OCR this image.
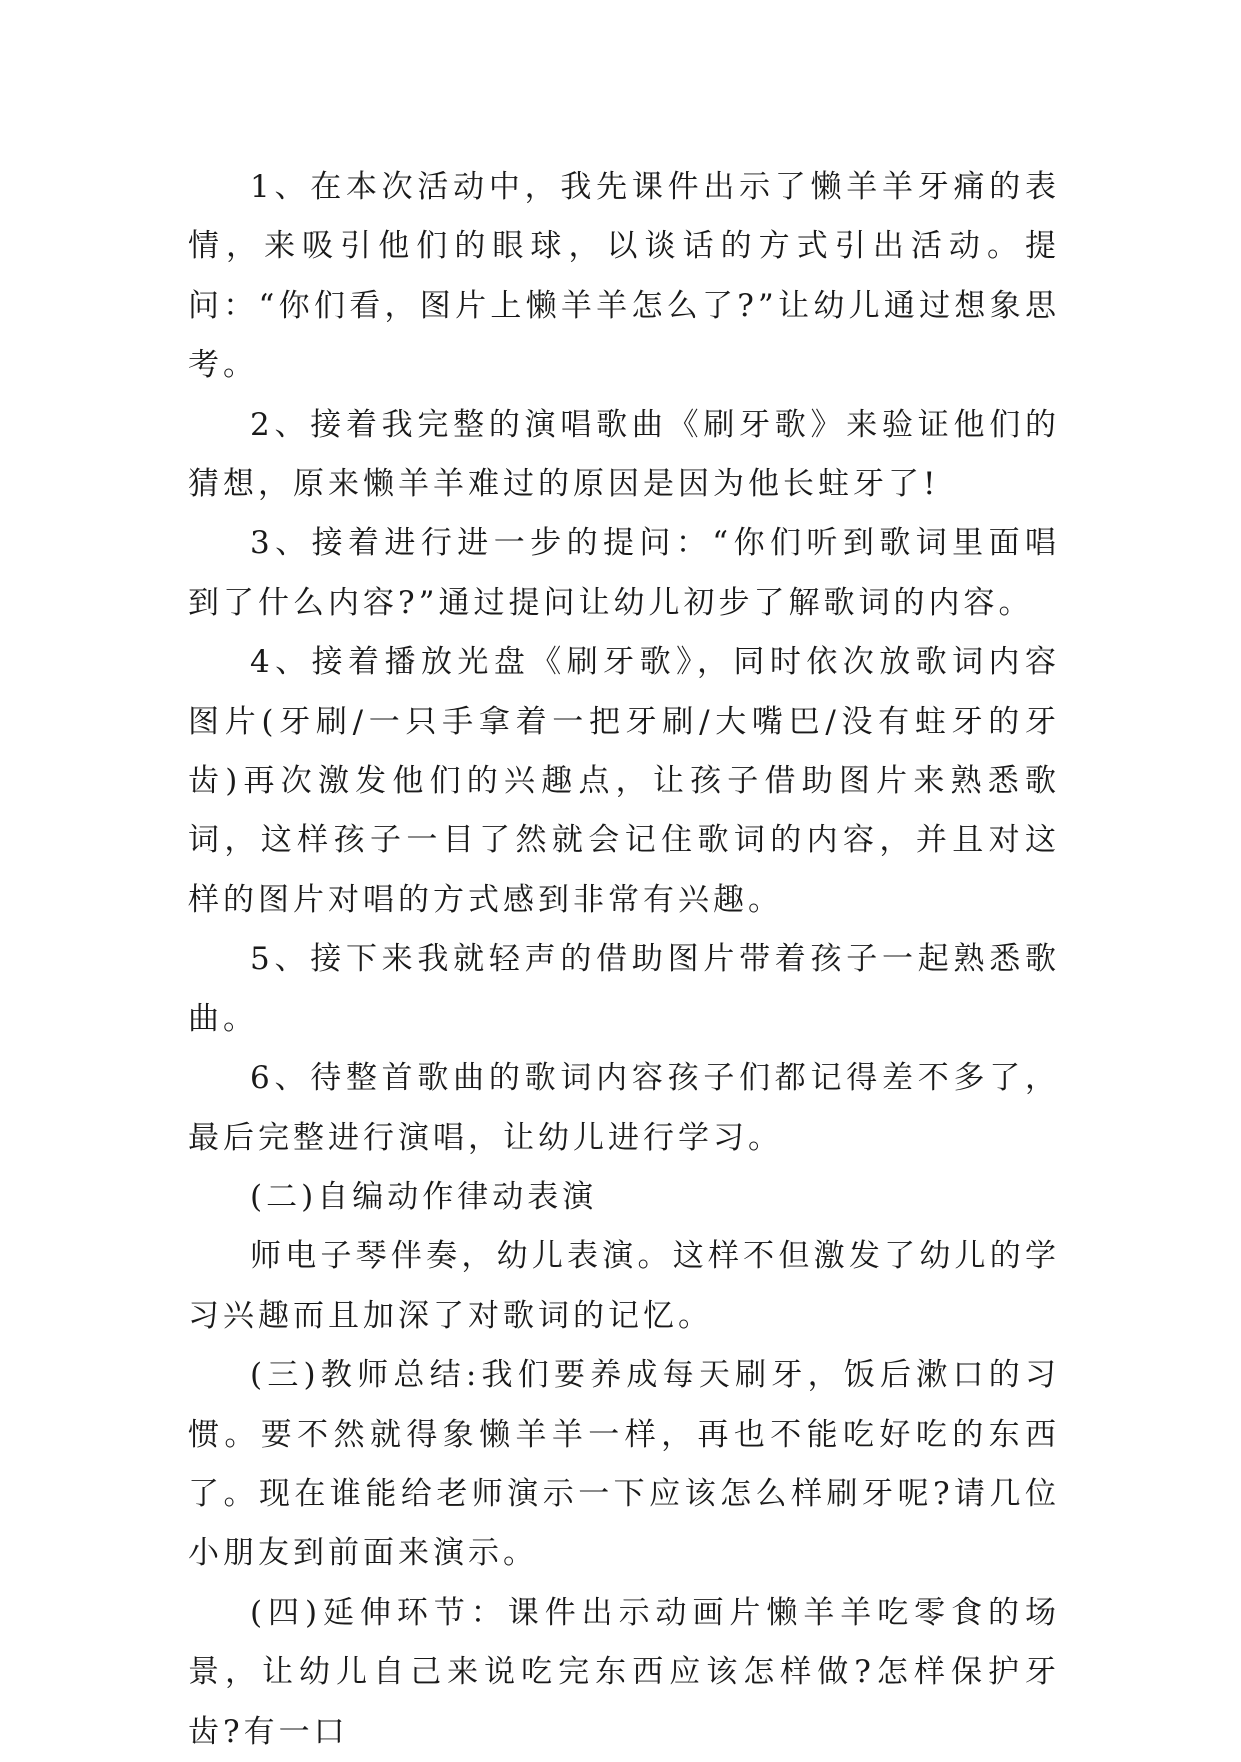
1、在本次活动中，我先课件出示了懒羊羊牙痛的表情，来吸引他们的眼球，以谈话的方式引出活动。提问：“你们看，图片上懒羊羊怎么了?”让幼儿通过想象思考。

2、接着我完整的演唱歌曲《刷牙歌》来验证他们的猜想，原来懒羊羊难过的原因是因为他长蛀牙了!

3、接着进行进一步的提问：“你们听到歌词里面唱到了什么内容?”通过提问让幼儿初步了解歌词的内容。

4、接着播放光盘《刷牙歌》，同时依次放歌词内容图片(牙刷/一只手拿着一把牙刷/大嘴巴/没有蛀牙的牙齿)再次激发他们的兴趣点，让孩子借助图片来熟悉歌词，这样孩子一目了然就会记住歌词的内容，并且对这样的图片对唱的方式感到非常有兴趣。

5、接下来我就轻声的借助图片带着孩子一起熟悉歌曲。

6、待整首歌曲的歌词内容孩子们都记得差不多了，最后完整进行演唱，让幼儿进行学习。

(二)自编动作律动表演

师电子琴伴奏，幼儿表演。这样不但激发了幼儿的学习兴趣而且加深了对歌词的记忆。

(三)教师总结:我们要养成每天刷牙，饭后漱口的习惯。要不然就得象懒羊羊一样，再也不能吃好吃的东西了。现在谁能给老师演示一下应该怎么样刷牙呢?请几位小朋友到前面来演示。

(四)延伸环节：课件出示动画片懒羊羊吃零食的场景，让幼儿自己来说吃完东西应该怎样做?怎样保护牙齿?有一口
